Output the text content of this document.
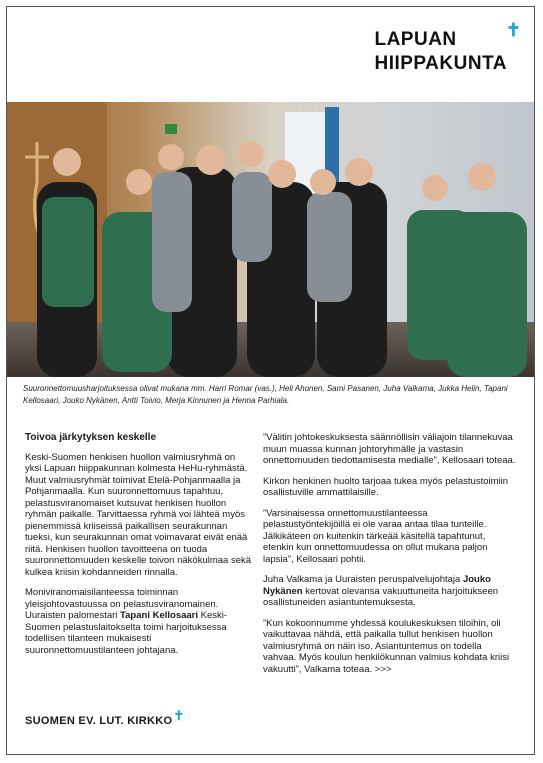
✝
LAPUAN
HIIPPAKUNTA
Suuronnettomuusharjoituksessa olivat mukana mm. Harri Romar (vas.), Heli Ahonen, Sami Pasanen, Juha Valkama, Jukka Helin, Tapani Kellosaari, Jouko Nykänen, Antti Toivio, Merja Kinnunen ja Henna Parhiala.
Toivoa järkytyksen keskelle

Keski-Suomen henkisen huollon valmiusryhmä on yksi Lapuan hiippakunnan kolmesta HeHu-ryhmästä. Muut valmiusryhmät toimivat Etelä-Pohjanmaalla ja Pohjanmaalla. Kun suuronnettomuus tapahtuu, pelastusviranomaiset kutsuvat henkisen huollon ryhmän paikalle. Tarvittaessa ryhmä voi lähteä myös pienemmissä kriiseissä paikallisen seurakunnan tueksi, kun seurakunnan omat voimavarat eivät enää riitä. Henkisen huollon tavoitteena on tuoda suuronnettomuuden keskelle toivon näkökulmaa sekä kulkea kriisin kohdanneiden rinnalla.

Moniviranomaisilanteessa toiminnan yleisjohtovastuussa on pelastusviranomainen. Uuraisten palomestari Tapani Kellosaari Keski-Suomen pelastuslaitokselta toimi harjoituksessa todellisen tilanteen mukaisesti suuronnettomuustilanteen johtajana.

”Välitin johtokeskuksesta säännöllisin väliajoin tilannekuvaa muun muassa kunnan johtoryhmälle ja vastasin onnettomuuden tiedottamisesta medialle”, Kellosaari toteaa.

Kirkon henkinen huolto tarjoaa tukea myös pelastustoimiin osallistuville ammattilaisille.

”Varsinaisessa onnettomuustilanteessa pelastustyöntekijöillä ei ole varaa antaa tilaa tunteille. Jälkikäteen on kuitenkin tärkeää käsitellä tapahtunut, etenkin kun onnettomuudessa on ollut mukana paljon lapsia”, Kellosaari pohtii.

Juha Valkama ja Uuraisten peruspalvelujohtaja Jouko Nykänen kertovat olevansa vakuuttuneita harjoitukseen osallistuneiden asiantuntemuksesta.

”Kun kokoonnumme yhdessä koulukeskuksen tiloihin, oli vaikuttavaa nähdä, että paikalla tullut henkisen huollon valmiusryhmä on näin iso. Asiantuntemus on todella vahvaa. Myös koulun henkilökunnan valmius kohdata kriisi vakuutti”, Valkama toteaa. >>>

SUOMEN EV. LUT. KIRKKO✝
